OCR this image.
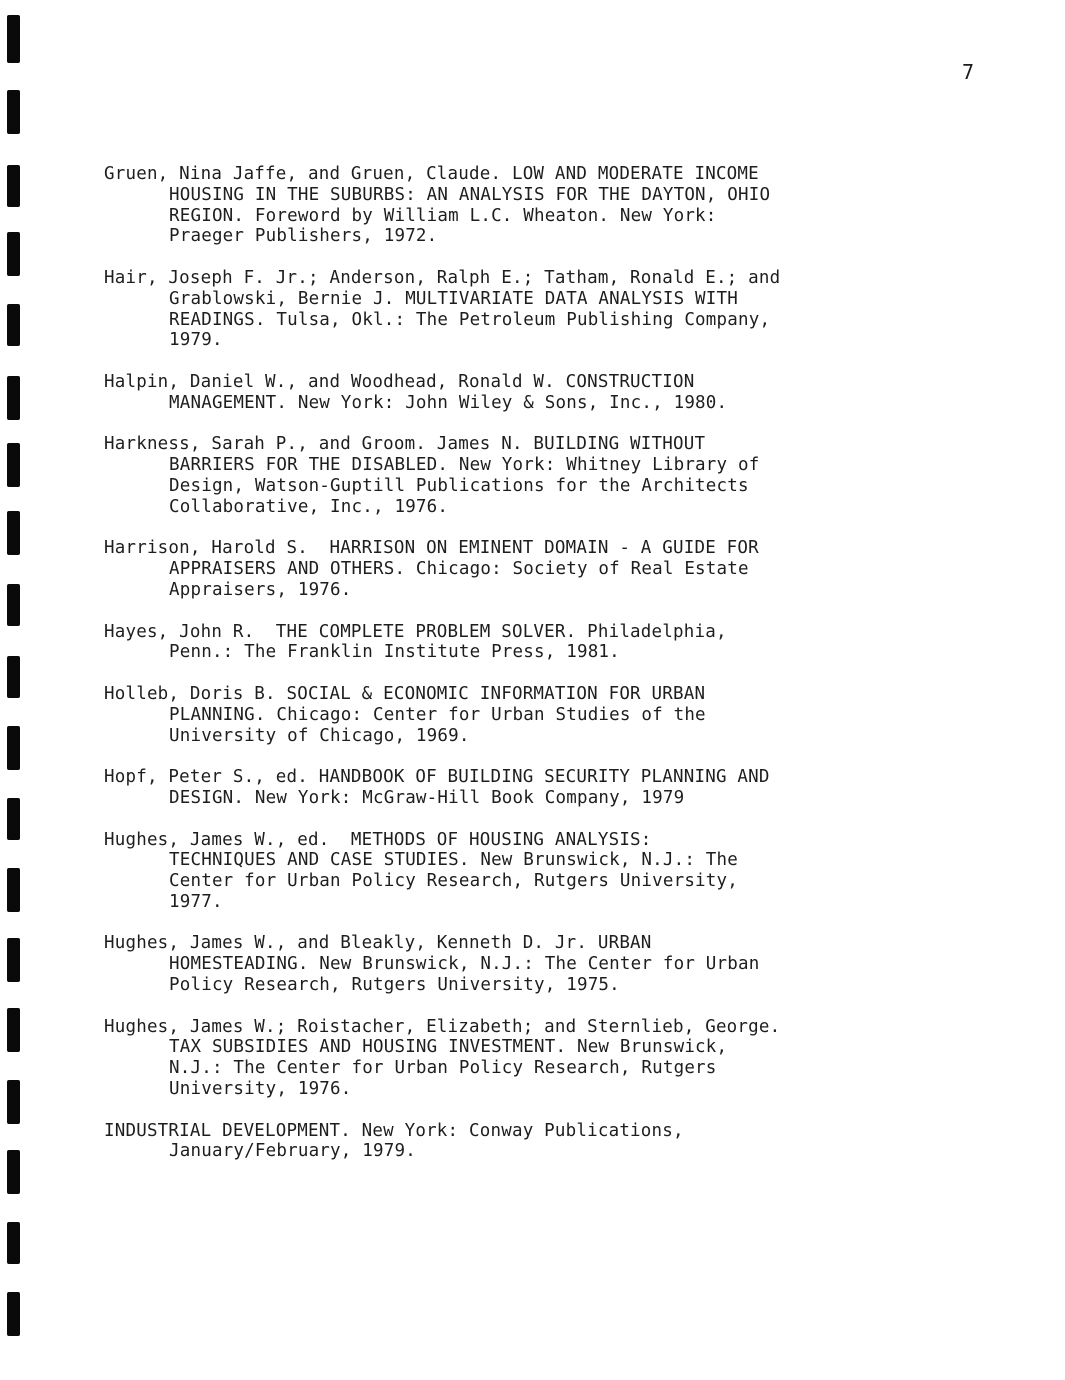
7
Gruen, Nina Jaffe, and Gruen, Claude. LOW AND MODERATE INCOME
HOUSING IN THE SUBURBS: AN ANALYSIS FOR THE DAYTON, OHIO
REGION. Foreword by William L.C. Wheaton. New York:
Praeger Publishers, 1972.
Hair, Joseph F. Jr.; Anderson, Ralph E.; Tatham, Ronald E.; and
Grablowski, Bernie J. MULTIVARIATE DATA ANALYSIS WITH
READINGS. Tulsa, Okl.: The Petroleum Publishing Company,
1979.
Halpin, Daniel W., and Woodhead, Ronald W. CONSTRUCTION
MANAGEMENT. New York: John Wiley & Sons, Inc., 1980.
Harkness, Sarah P., and Groom. James N. BUILDING WITHOUT
BARRIERS FOR THE DISABLED. New York: Whitney Library of
Design, Watson-Guptill Publications for the Architects
Collaborative, Inc., 1976.
Harrison, Harold S.  HARRISON ON EMINENT DOMAIN - A GUIDE FOR
APPRAISERS AND OTHERS. Chicago: Society of Real Estate
Appraisers, 1976.
Hayes, John R.  THE COMPLETE PROBLEM SOLVER. Philadelphia,
Penn.: The Franklin Institute Press, 1981.
Holleb, Doris B. SOCIAL & ECONOMIC INFORMATION FOR URBAN
PLANNING. Chicago: Center for Urban Studies of the
University of Chicago, 1969.
Hopf, Peter S., ed. HANDBOOK OF BUILDING SECURITY PLANNING AND
DESIGN. New York: McGraw-Hill Book Company, 1979
Hughes, James W., ed.  METHODS OF HOUSING ANALYSIS:
TECHNIQUES AND CASE STUDIES. New Brunswick, N.J.: The
Center for Urban Policy Research, Rutgers University,
1977.
Hughes, James W., and Bleakly, Kenneth D. Jr. URBAN
HOMESTEADING. New Brunswick, N.J.: The Center for Urban
Policy Research, Rutgers University, 1975.
Hughes, James W.; Roistacher, Elizabeth; and Sternlieb, George.
TAX SUBSIDIES AND HOUSING INVESTMENT. New Brunswick,
N.J.: The Center for Urban Policy Research, Rutgers
University, 1976.
INDUSTRIAL DEVELOPMENT. New York: Conway Publications,
January/February, 1979.
